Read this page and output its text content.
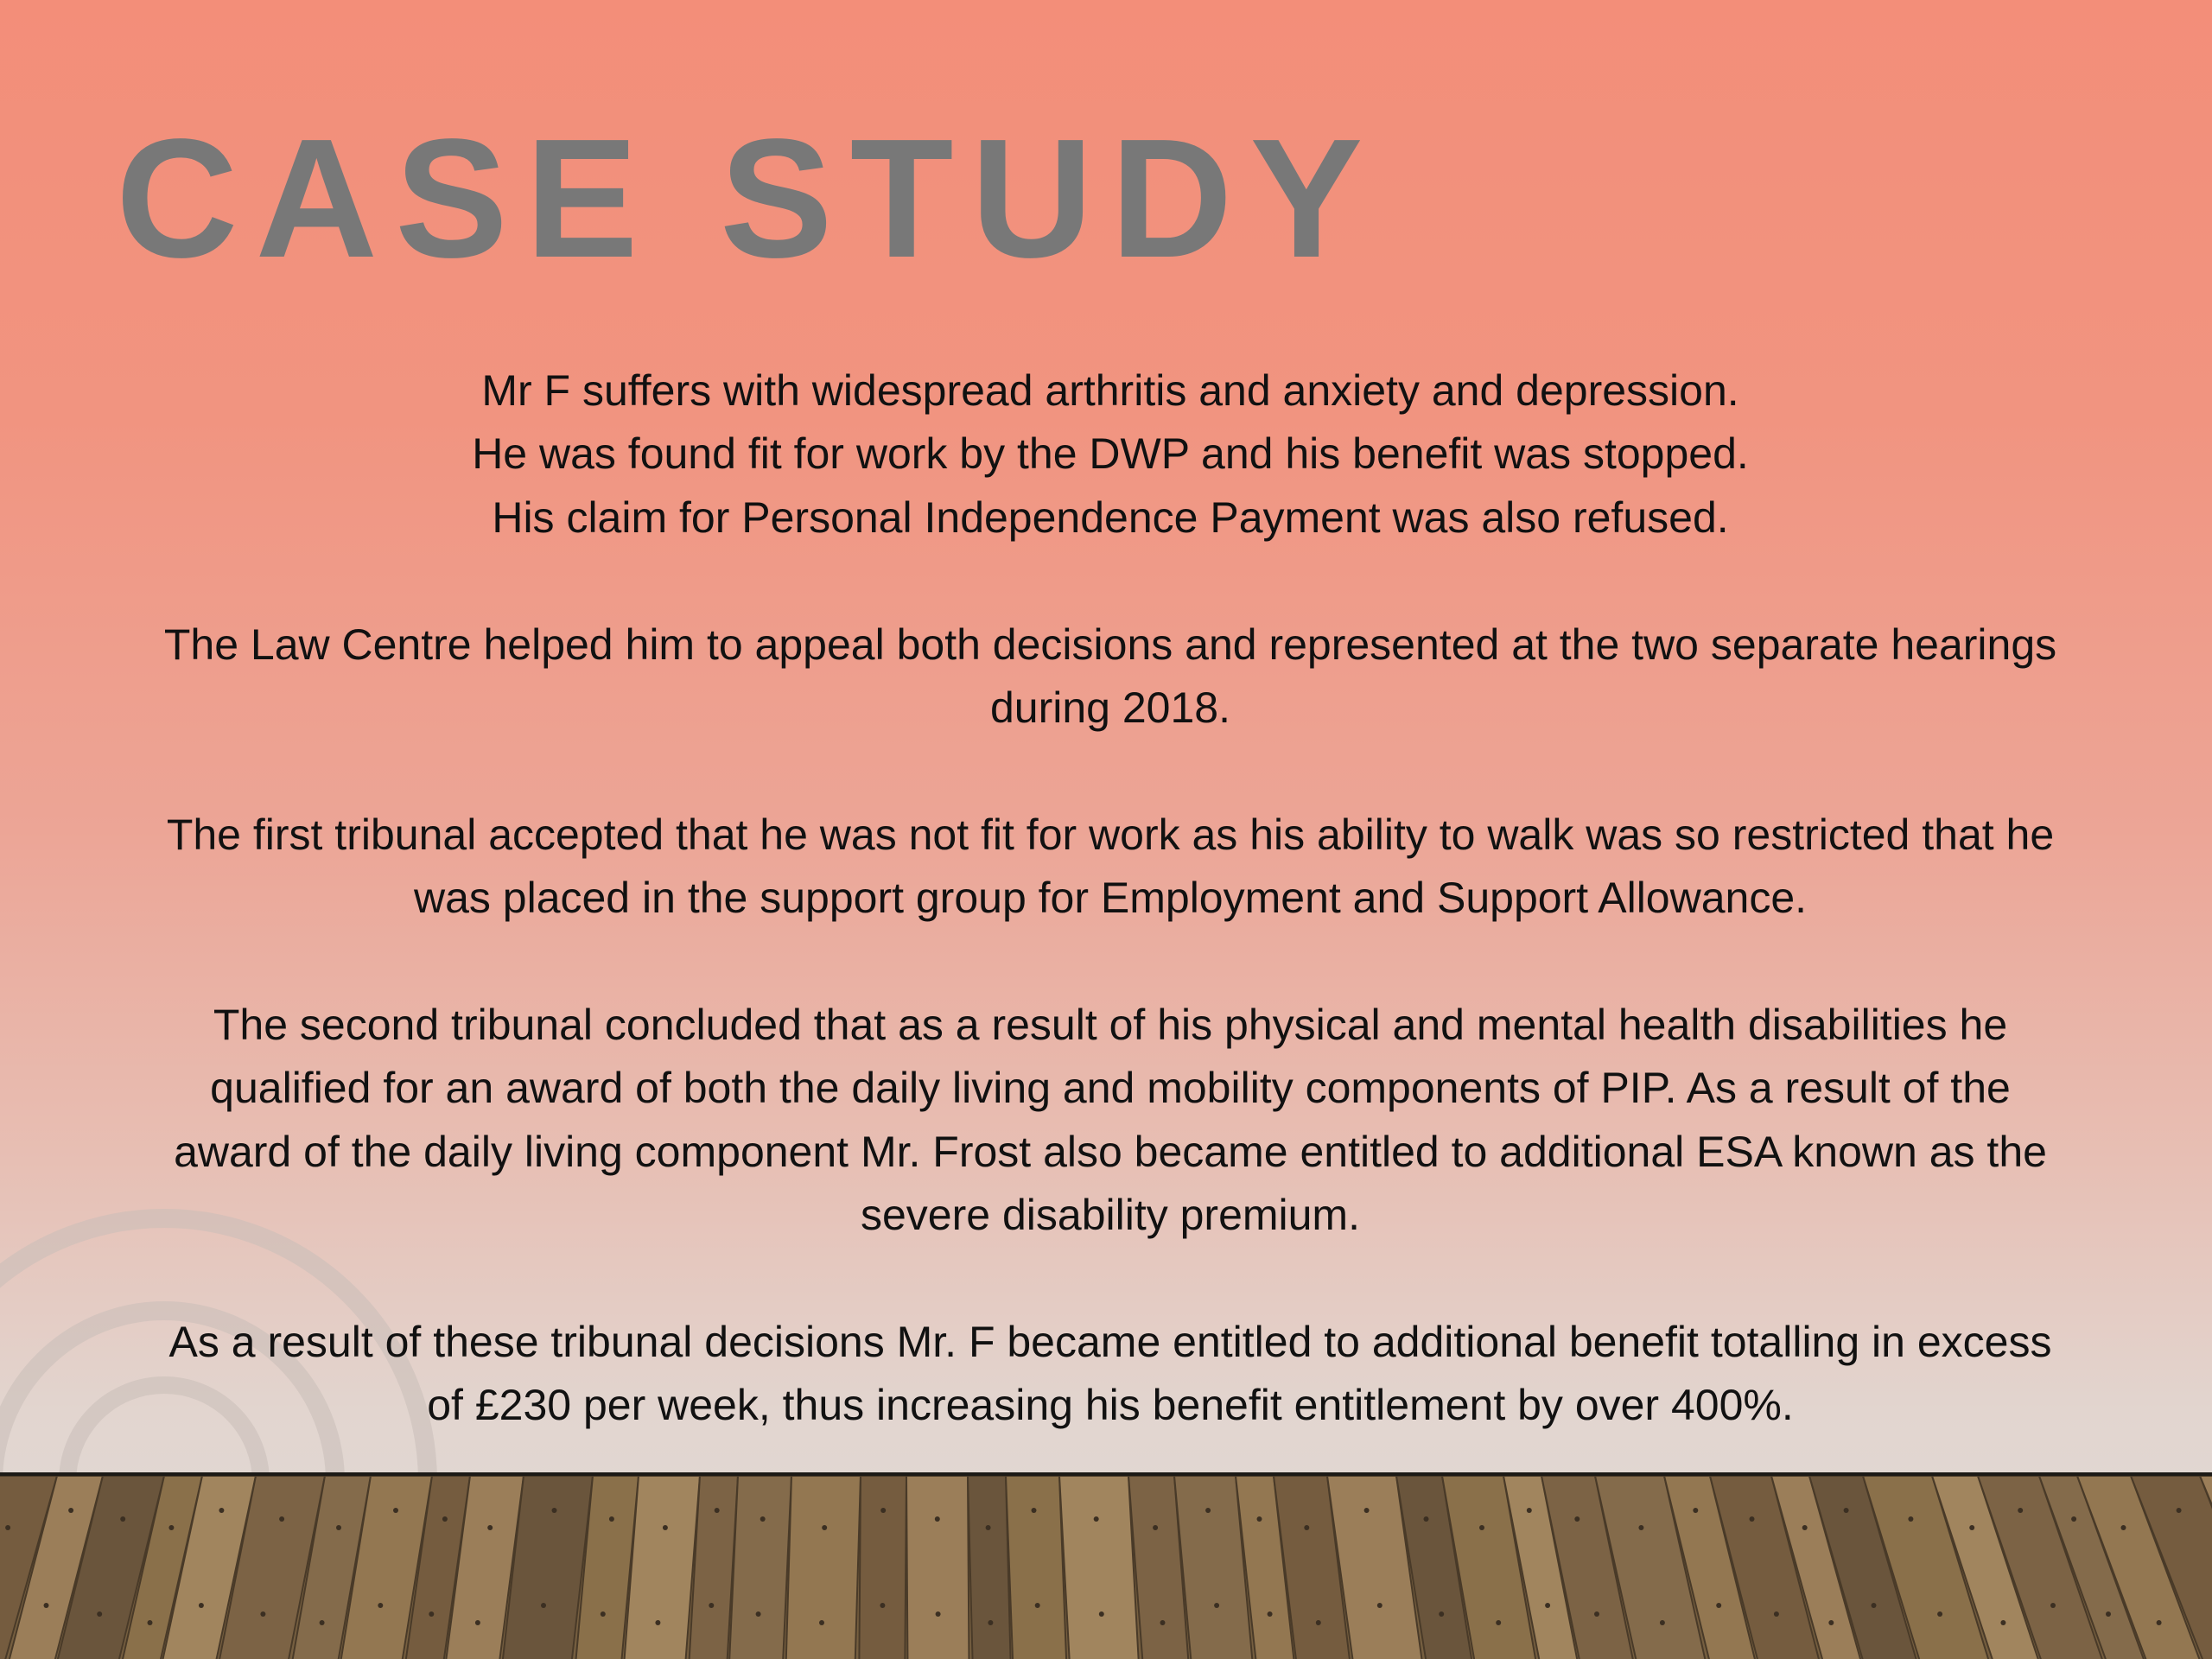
CASE STUDY

Mr F suffers with widespread arthritis and anxiety and depression.

He was found fit for work by the DWP and his benefit was stopped.

His claim for Personal Independence Payment was also refused.

The Law Centre helped him to appeal both decisions and represented at the two separate hearings

during 2018.

The first tribunal accepted that he was not fit for work as his ability to walk was so restricted that he

was placed in the support group for Employment and Support Allowance.

The second tribunal concluded that as a result of his physical and mental health disabilities he

qualified for an award of both the daily living and mobility components of PIP. As a result of the

award of the daily living component Mr. Frost also became entitled to additional ESA known as the

severe disability premium.

As a result of these tribunal decisions Mr. F became entitled to additional benefit totalling in excess

of £230 per week, thus increasing his benefit entitlement by over 400%.
